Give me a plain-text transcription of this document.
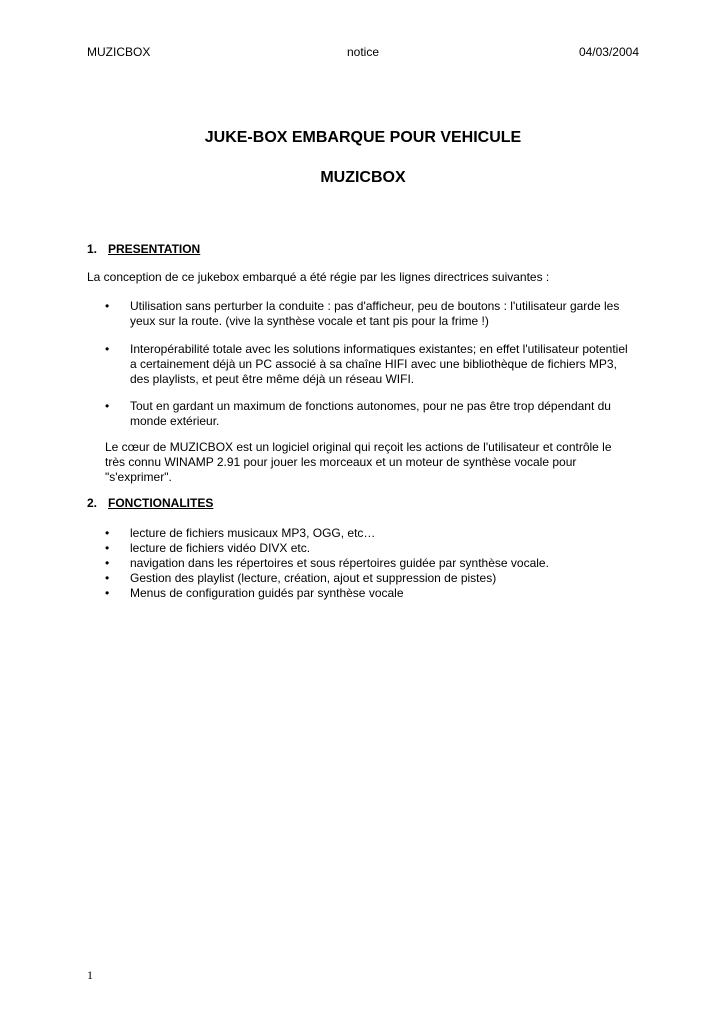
MUZICBOX	notice	04/03/2004
JUKE-BOX EMBARQUE POUR VEHICULE
MUZICBOX
1. PRESENTATION
La conception de ce jukebox embarqué a été régie par les lignes directrices suivantes :
•	Utilisation sans perturber la conduite : pas d'afficheur, peu de boutons : l'utilisateur garde les
yeux sur la route. (vive la synthèse vocale et tant pis pour la frime !)
•	Interopérabilité totale avec les solutions informatiques existantes; en effet l'utilisateur potentiel
a certainement déjà un PC associé à sa chaîne HIFI avec une bibliothèque de fichiers MP3,
des playlists, et peut être même déjà un réseau WIFI.
•	Tout en gardant un maximum de fonctions autonomes, pour ne pas être trop dépendant du
monde extérieur.
Le cœur de MUZICBOX est un logiciel original qui reçoit les actions de l'utilisateur et contrôle le
très connu WINAMP 2.91 pour jouer les morceaux et un moteur de synthèse vocale pour
"s'exprimer".
2. FONCTIONALITES
• lecture de fichiers musicaux MP3, OGG, etc…
• lecture de fichiers vidéo DIVX etc.
• navigation dans les répertoires et sous répertoires guidée par synthèse vocale.
• Gestion des playlist (lecture, création, ajout et suppression de pistes)
• Menus de configuration guidés par synthèse vocale
1
